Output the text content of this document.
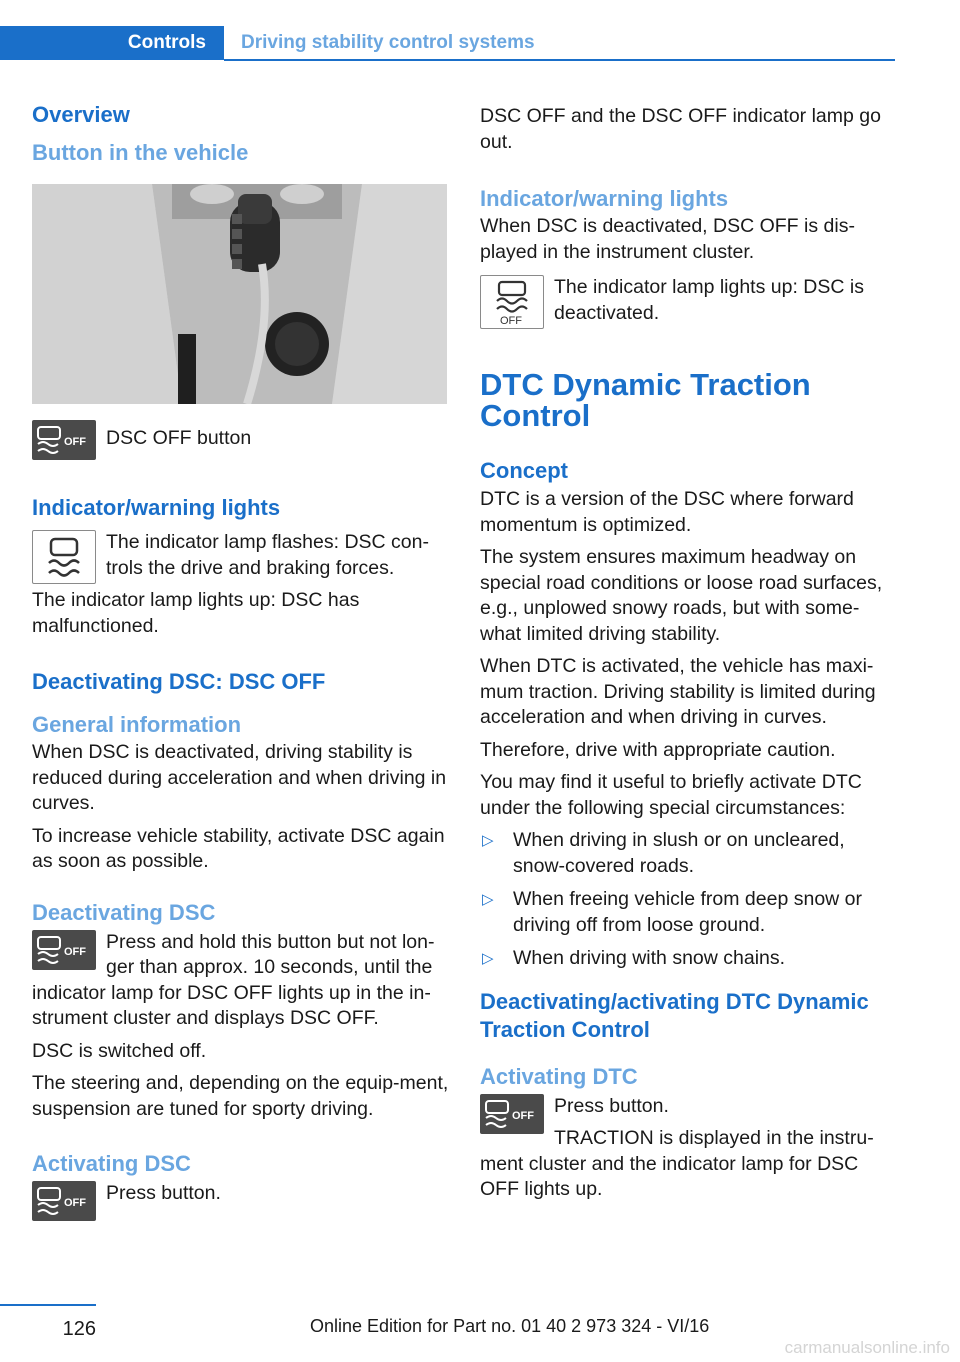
Controls	Driving stability control systems
Overview
Button in the vehicle
OFF	DSC OFF button

Indicator/warning lights

The indicator lamp flashes: DSC con‐trols the drive and braking forces.

The indicator lamp lights up: DSC has malfunctioned.

Deactivating DSC: DSC OFF
General information

When DSC is deactivated, driving stability is reduced during acceleration and when driving in curves.

To increase vehicle stability, activate DSC again as soon as possible.

Deactivating DSC
OFF	Press and hold this button but not lon‐ger than approx. 10 seconds, until the indicator lamp for DSC OFF lights up in the in‐strument cluster and displays DSC OFF.

DSC is switched off.

The steering and, depending on the equip‐ment, suspension are tuned for sporty driving.

Activating DSC
OFF	Press button.

DSC OFF and the DSC OFF indicator lamp go out.

Indicator/warning lights

When DSC is deactivated, DSC OFF is dis‐played in the instrument cluster.

OFF

The indicator lamp lights up: DSC is deactivated.

DTC Dynamic Traction Control
Concept

DTC is a version of the DSC where forward momentum is optimized.

The system ensures maximum headway on special road conditions or loose road surfaces, e.g., unplowed snowy roads, but with some‐what limited driving stability.

When DTC is activated, the vehicle has maxi‐mum traction. Driving stability is limited during acceleration and when driving in curves.

Therefore, drive with appropriate caution.

You may find it useful to briefly activate DTC under the following special circumstances:

▷ When driving in slush or on uncleared, snow-covered roads.
▷ When freeing vehicle from deep snow or driving off from loose ground.
▷ When driving with snow chains.
Deactivating/activating DTC Dynamic Traction Control
Activating DTC
OFF	Press button.

TRACTION is displayed in the instru‐ment cluster and the indicator lamp for DSC OFF lights up.

126	Online Edition for Part no. 01 40 2 973 324 - VI/16
carmanualsonline.info
